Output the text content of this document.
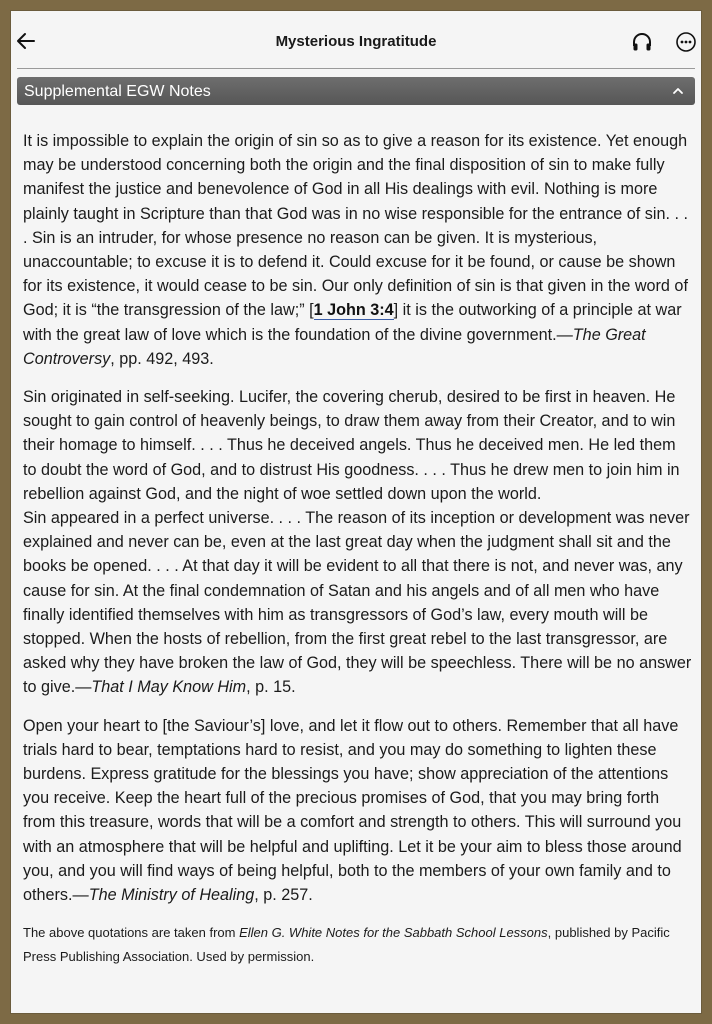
Mysterious Ingratitude
Supplemental EGW Notes

It is impossible to explain the origin of sin so as to give a reason for its existence. Yet enough may be understood concerning both the origin and the final disposition of sin to make fully manifest the justice and benevolence of God in all His dealings with evil. Nothing is more plainly taught in Scripture than that God was in no wise responsible for the entrance of sin. . . . Sin is an intruder, for whose presence no reason can be given. It is mysterious, unaccountable; to excuse it is to defend it. Could excuse for it be found, or cause be shown for its existence, it would cease to be sin. Our only definition of sin is that given in the word of God; it is “the transgression of the law;” [1 John 3:4] it is the outworking of a principle at war with the great law of love which is the foundation of the divine government.—The Great Controversy, pp. 492, 493.

Sin originated in self-seeking. Lucifer, the covering cherub, desired to be first in heaven. He sought to gain control of heavenly beings, to draw them away from their Creator, and to win their homage to himself. . . . Thus he deceived angels. Thus he deceived men. He led them to doubt the word of God, and to distrust His goodness. . . . Thus he drew men to join him in rebellion against God, and the night of woe settled down upon the world.

Sin appeared in a perfect universe. . . . The reason of its inception or development was never explained and never can be, even at the last great day when the judgment shall sit and the books be opened. . . . At that day it will be evident to all that there is not, and never was, any cause for sin. At the final condemnation of Satan and his angels and of all men who have finally identified themselves with him as transgressors of God’s law, every mouth will be stopped. When the hosts of rebellion, from the first great rebel to the last transgressor, are asked why they have broken the law of God, they will be speechless. There will be no answer to give.—That I May Know Him, p. 15.

Open your heart to [the Saviour’s] love, and let it flow out to others. Remember that all have trials hard to bear, temptations hard to resist, and you may do something to lighten these burdens. Express gratitude for the blessings you have; show appreciation of the attentions you receive. Keep the heart full of the precious promises of God, that you may bring forth from this treasure, words that will be a comfort and strength to others. This will surround you with an atmosphere that will be helpful and uplifting. Let it be your aim to bless those around you, and you will find ways of being helpful, both to the members of your own family and to others.—The Ministry of Healing, p. 257.

The above quotations are taken from Ellen G. White Notes for the Sabbath School Lessons, published by Pacific Press Publishing Association. Used by permission.
